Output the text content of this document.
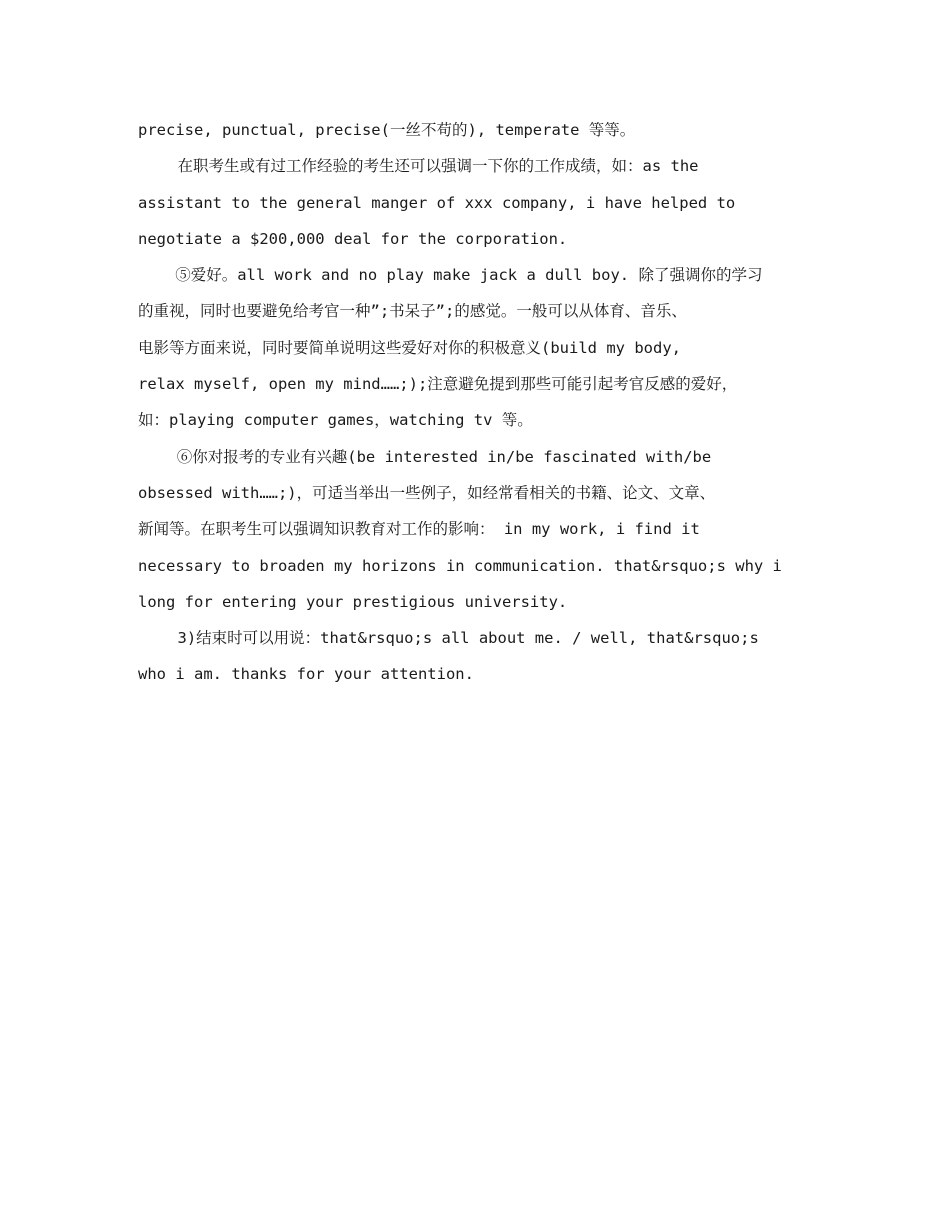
precise, punctual, precise(一丝不苟的), temperate 等等。
在职考生或有过工作经验的考生还可以强调一下你的工作成绩，如：as the
assistant to the general manger of xxx company, i have helped to
negotiate a $200,000 deal for the corporation.
⑤爱好。all work and no play make jack a dull boy. 除了强调你的学习
的重视，同时也要避免给考官一种”;书呆子”;的感觉。一般可以从体育、音乐、
电影等方面来说，同时要简单说明这些爱好对你的积极意义(build my body,
relax myself, open my mind……;);注意避免提到那些可能引起考官反感的爱好，
如：playing computer games，watching tv 等。
⑥你对报考的专业有兴趣(be interested in/be fascinated with/be
obsessed with……;)，可适当举出一些例子，如经常看相关的书籍、论文、文章、
新闻等。在职考生可以强调知识教育对工作的影响： in my work, i find it
necessary to broaden my horizons in communication. that&rsquo;s why i
long for entering your prestigious university.
3)结束时可以用说：that&rsquo;s all about me. / well, that&rsquo;s
who i am. thanks for your attention.
